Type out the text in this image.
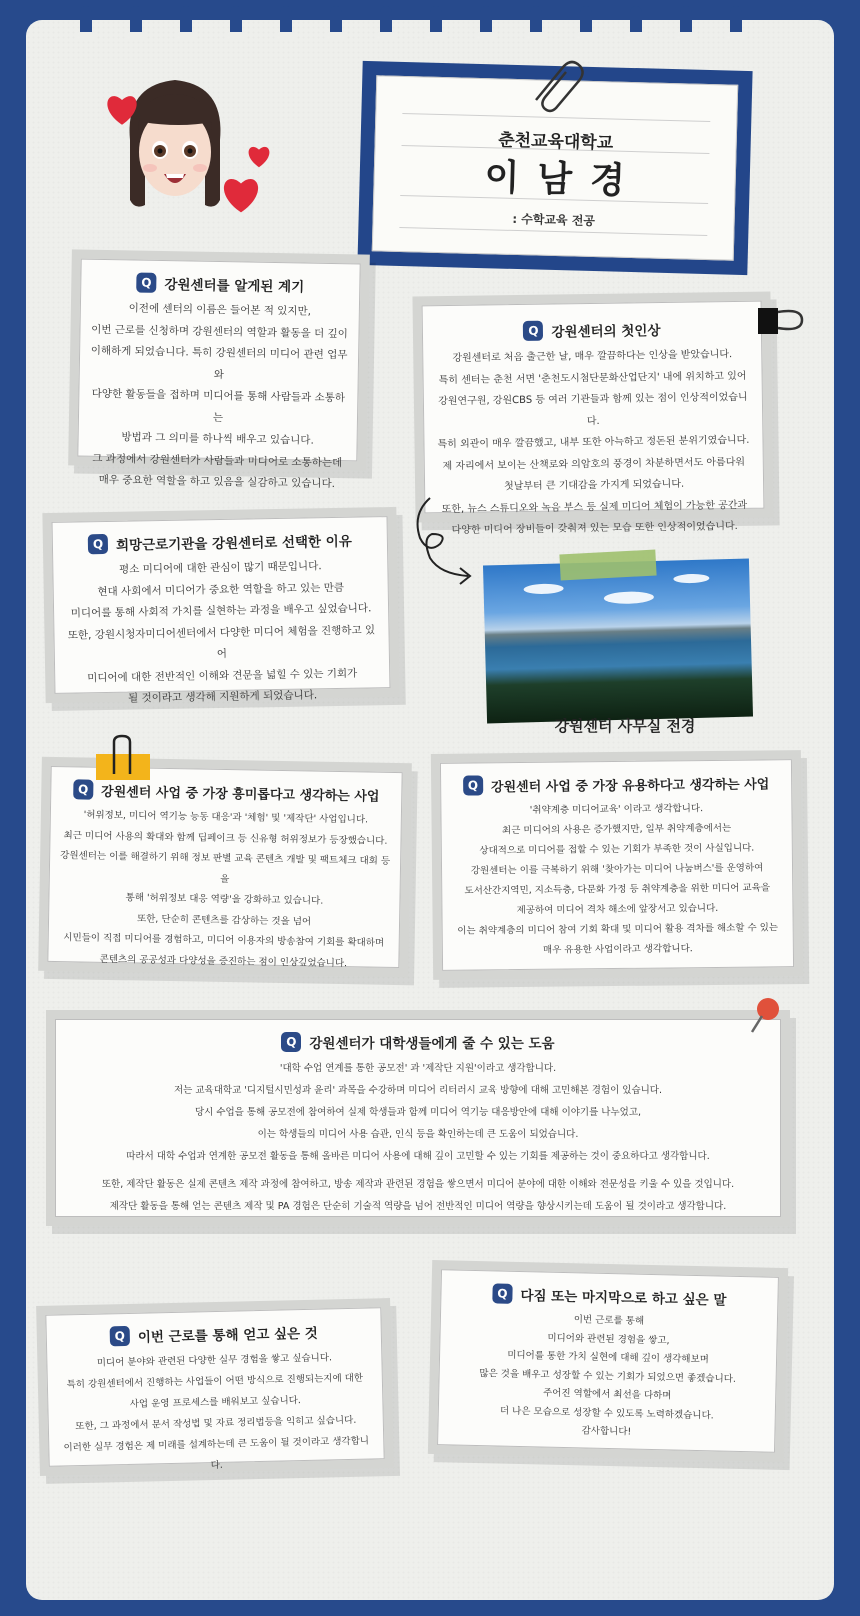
춘천교육대학교
이남경
: 수학교육 전공
Q 강원센터를 알게된 계기

이전에 센터의 이름은 들어본 적 있지만,

이번 근로를 신청하며 강원센터의 역할과 활동을 더 깊이

이해하게 되었습니다. 특히 강원센터의 미디어 관련 업무와

다양한 활동들을 접하며 미디어를 통해 사람들과 소통하는

방법과 그 의미를 하나씩 배우고 있습니다.

그 과정에서 강원센터가 사람들과 미디어로 소통하는데

매우 중요한 역할을 하고 있음을 실감하고 있습니다.

Q 강원센터의 첫인상

강원센터로 처음 출근한 날, 매우 깔끔하다는 인상을 받았습니다.

특히 센터는 춘천 서면 '춘천도시첨단문화산업단지' 내에 위치하고 있어

강원연구원, 강원CBS 등 여러 기관들과 함께 있는 점이 인상적이었습니다.

특히 외관이 매우 깔끔했고, 내부 또한 아늑하고 정돈된 분위기였습니다.

제 자리에서 보이는 산책로와 의암호의 풍경이 차분하면서도 아름다워

첫날부터 큰 기대감을 가지게 되었습니다.

또한, 뉴스 스튜디오와 녹음 부스 등 실제 미디어 체험이 가능한 공간과

다양한 미디어 장비들이 갖춰져 있는 모습 또한 인상적이었습니다.

Q 희망근로기관을 강원센터로 선택한 이유

평소 미디어에 대한 관심이 많기 때문입니다.

현대 사회에서 미디어가 중요한 역할을 하고 있는 만큼

미디어를 통해 사회적 가치를 실현하는 과정을 배우고 싶었습니다.

또한, 강원시청자미디어센터에서 다양한 미디어 체험을 진행하고 있어

미디어에 대한 전반적인 이해와 견문을 넓힐 수 있는 기회가

될 것이라고 생각해 지원하게 되었습니다.

강원센터 사무실 전경
Q 강원센터 사업 중 가장 흥미롭다고 생각하는 사업

'허위정보, 미디어 역기능 능동 대응'과 '체험' 및 '제작단' 사업입니다.

최근 미디어 사용의 확대와 함께 딥페이크 등 신유형 허위정보가 등장했습니다.

강원센터는 이를 해결하기 위해 정보 판별 교육 콘텐츠 개발 및 팩트체크 대회 등을

통해 '허위정보 대응 역량'을 강화하고 있습니다.

또한, 단순히 콘텐츠를 감상하는 것을 넘어

시민들이 직접 미디어를 경험하고, 미디어 이용자의 방송참여 기회를 확대하며

콘텐츠의 공공성과 다양성을 증진하는 점이 인상깊었습니다.

Q 강원센터 사업 중 가장 유용하다고 생각하는 사업

'취약계층 미디어교육' 이라고 생각합니다.

최근 미디어의 사용은 증가했지만, 일부 취약계층에서는

상대적으로 미디어를 접할 수 있는 기회가 부족한 것이 사실입니다.

강원센터는 이를 극복하기 위해 '찾아가는 미디어 나눔버스'를 운영하여

도서산간지역민, 지소득층, 다문화 가정 등 취약계층을 위한 미디어 교육을

제공하여 미디어 격차 해소에 앞장서고 있습니다.

이는 취약계층의 미디어 참여 기회 확대 및 미디어 활용 격차를 해소할 수 있는

매우 유용한 사업이라고 생각합니다.

Q 강원센터가 대학생들에게 줄 수 있는 도움

'대학 수업 연계를 통한 공모전' 과 '제작단 지원'이라고 생각합니다.

저는 교육대학교 '디지털시민성과 윤리' 과목을 수강하며 미디어 리터러시 교육 방향에 대해 고민해본 경험이 있습니다.

당시 수업을 통해 공모전에 참여하여 실제 학생들과 함께 미디어 역기능 대응방안에 대해 이야기를 나누었고,

이는 학생들의 미디어 사용 습관, 인식 등을 확인하는데 큰 도움이 되었습니다.

따라서 대학 수업과 연계한 공모전 활동을 통해 올바른 미디어 사용에 대해 깊이 고민할 수 있는 기회를 제공하는 것이 중요하다고 생각합니다.

또한, 제작단 활동은 실제 콘텐츠 제작 과정에 참여하고, 방송 제작과 관련된 경험을 쌓으면서 미디어 분야에 대한 이해와 전문성을 키울 수 있을 것입니다.

제작단 활동을 통해 얻는 콘텐츠 제작 및 PA 경험은 단순히 기술적 역량을 넘어 전반적인 미디어 역량을 향상시키는데 도움이 될 것이라고 생각합니다.

Q 이번 근로를 통해 얻고 싶은 것

미디어 분야와 관련된 다양한 실무 경험을 쌓고 싶습니다.

특히 강원센터에서 진행하는 사업들이 어떤 방식으로 진행되는지에 대한

사업 운영 프로세스를 배워보고 싶습니다.

또한, 그 과정에서 문서 작성법 및 자료 정리법등을 익히고 싶습니다.

이러한 실무 경험은 제 미래를 설계하는데 큰 도움이 될 것이라고 생각합니다.

Q 다짐 또는 마지막으로 하고 싶은 말

이번 근로를 통해

미디어와 관련된 경험을 쌓고,

미디어를 통한 가치 실현에 대해 깊이 생각해보며

많은 것을 배우고 성장할 수 있는 기회가 되었으면 좋겠습니다.

주어진 역할에서 최선을 다하며

더 나은 모습으로 성장할 수 있도록 노력하겠습니다.

감사합니다!
